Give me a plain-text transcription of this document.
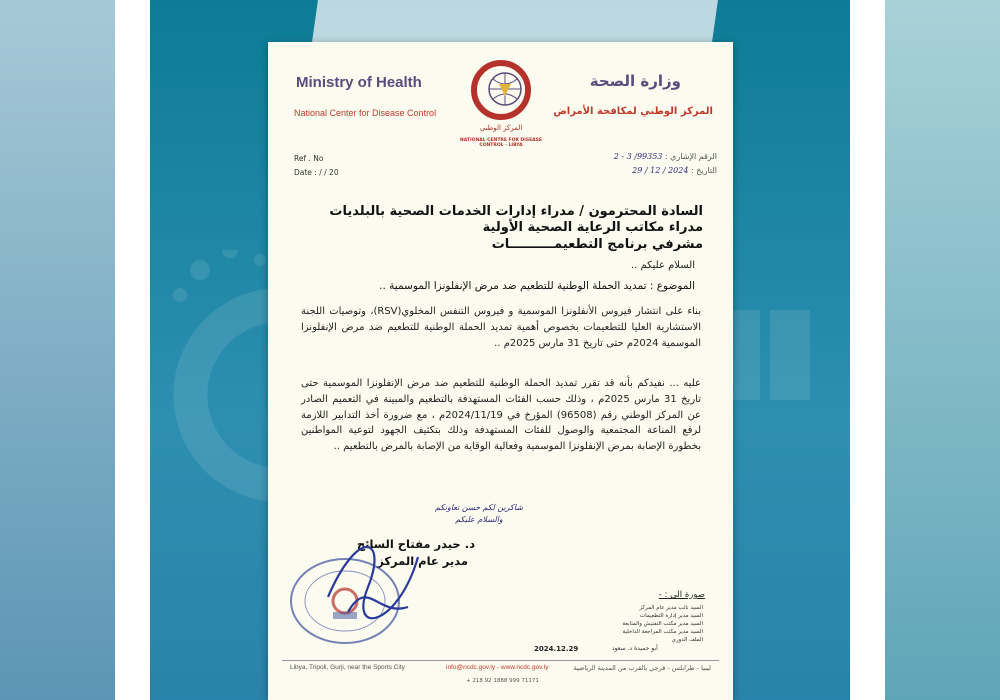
Ministry of Health
National Center for Disease Control
وزارة الصحة
المركز الوطني لمكافحة الأمراض
المركز الوطني
NATIONAL CENTRE FOR DISEASE CONTROL - LIBYA
Ref . No
Date : / / 20
الرقم الإشاري : 99353/ 3 - 2
التاريخ : 2024 / 12 / 29
السادة المحترمون / مدراء إدارات الخدمات الصحية بالبلديات
مدراء مكاتب الرعاية الصحية الأولية
مشرفي برنامج التطعيمــــــــــات
السلام عليكم ..
الموضوع : تمديد الحملة الوطنية للتطعيم ضد مرض الإنفلونزا الموسمية ..
بناء على انتشار فيروس الأنفلونزا الموسمية و فيروس التنفس المخلوي(RSV)، وتوصيات اللجنة الاستشارية العليا للتطعيمات بخصوص أهمية تمديد الحملة الوطنية للتطعيم ضد مرض الإنفلونزا الموسمية 2024م حتى تاريخ 31 مارس 2025م ..
عليه ... نفيدكم بأنه قد تقرر تمديد الحملة الوطنية للتطعيم ضد مرض الإنفلونزا الموسمية حتى تاريخ 31 مارس 2025م ، وذلك حسب الفئات المستهدفة بالتطعيم والمبينة في التعميم الصادر عن المركز الوطني رقم (96508) المؤرخ في 2024/11/19م ، مع ضرورة أخذ التدابير اللازمة لرفع المناعة المجتمعية والوصول للفئات المستهدفة وذلك بتكثيف الجهود لتوعية المواطنين بخطورة الإصابة بمرض الإنفلونزا الموسمية وفعالية الوقاية من الإصابة بالمرض بالتطعيم ..
شاكرين لكم حسن تعاونكم
والسلام عليكم
د. حيدر مفتاح السائح
مدير عام المركز
صورة الى : -
السيد نائب مدير عام المركز
السيد مدير إدارة التطعيمات
السيد مدير مكتب التفتيش والمتابعة
السيد مدير مكتب المراجعة الداخلية
الملف الدوري
2024.12.29	أبو حميدة د. سعود
Libya, Tripoli, Gurji, near the Sports City	info@ncdc.gov.ly - www.ncdc.gov.ly	ليبيا - طرابلس - قرجي بالقرب من المدينة الرياضية
+ 218 92 1888 999 71171
